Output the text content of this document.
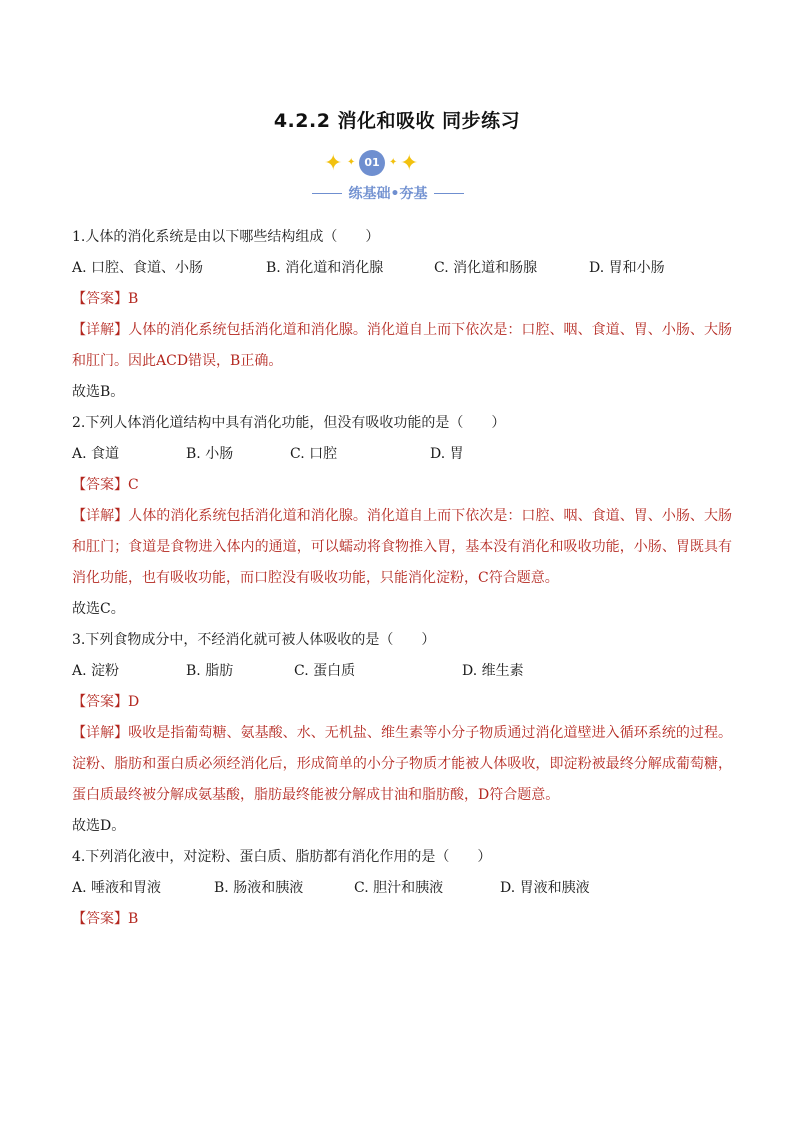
4.2.2 消化和吸收 同步练习
✦ ✦ 01 ✦ ✦
练基础•夯基
1.人体的消化系统是由以下哪些结构组成（　　）
A. 口腔、食道、小肠	B. 消化道和消化腺	C. 消化道和肠腺	D. 胃和小肠
【答案】B
【详解】人体的消化系统包括消化道和消化腺。消化道自上而下依次是：口腔、咽、食道、胃、小肠、大肠和肛门。因此ACD错误，B正确。
故选B。
2.下列人体消化道结构中具有消化功能，但没有吸收功能的是（　　）
A. 食道	B. 小肠	C. 口腔	D. 胃
【答案】C
【详解】人体的消化系统包括消化道和消化腺。消化道自上而下依次是：口腔、咽、食道、胃、小肠、大肠和肛门；食道是食物进入体内的通道，可以蠕动将食物推入胃，基本没有消化和吸收功能，小肠、胃既具有消化功能，也有吸收功能，而口腔没有吸收功能，只能消化淀粉，C符合题意。
故选C。
3.下列食物成分中，不经消化就可被人体吸收的是（　　）
A. 淀粉	B. 脂肪	C. 蛋白质	D. 维生素
【答案】D
【详解】吸收是指葡萄糖、氨基酸、水、无机盐、维生素等小分子物质通过消化道壁进入循环系统的过程。淀粉、脂肪和蛋白质必须经消化后，形成简单的小分子物质才能被人体吸收，即淀粉被最终分解成葡萄糖，蛋白质最终被分解成氨基酸，脂肪最终能被分解成甘油和脂肪酸，D符合题意。
故选D。
4.下列消化液中，对淀粉、蛋白质、脂肪都有消化作用的是（　　）
A. 唾液和胃液	B. 肠液和胰液	C. 胆汁和胰液	D. 胃液和胰液
【答案】B
